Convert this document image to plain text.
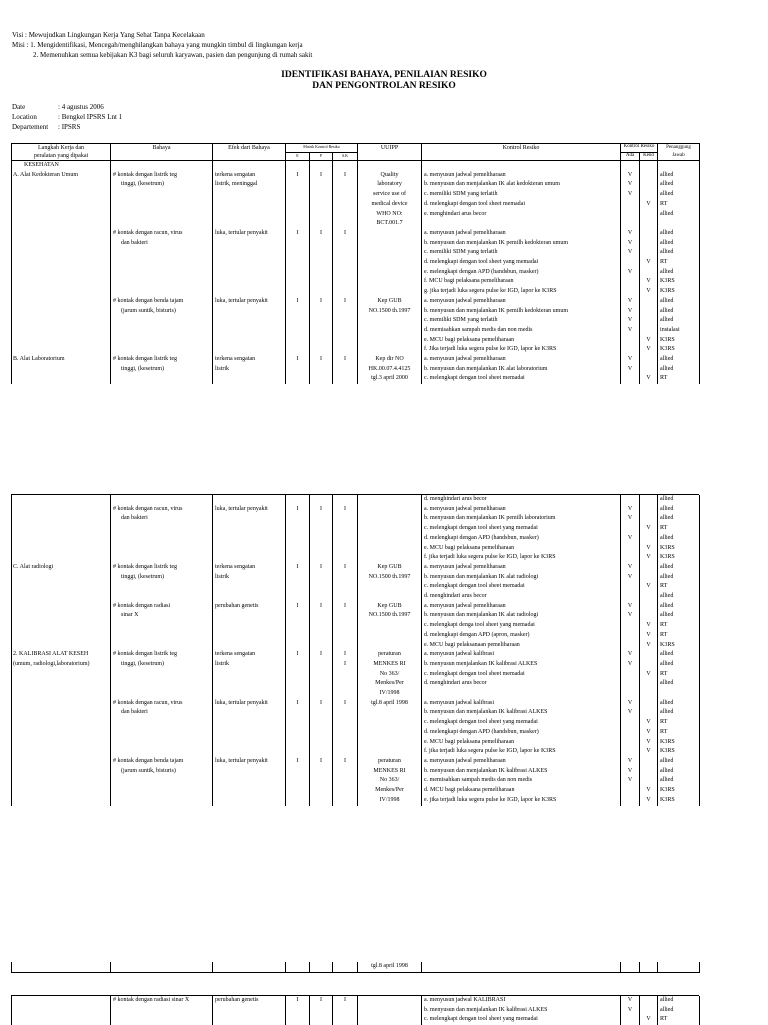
Visi : Mewujudkan Lingkungan Kerja Yang Sehat Tanpa Kecelakaan
Misi : 1. Mengidentifikasi, Mencegah/menghilangkan bahaya yang mungkin timbul di lingkungan kerja
2. Memenuhkan semua kebijakan K3 bagi seluruh karyawan, pasien dan pengunjung di rumah sakit
IDENTIFIKASI BAHAYA, PENILAIAN RESIKO
DAN PENGONTROLAN RESIKO
Date	: 4 agustus 2006
Location	: Bengkel IPSRS Lnt 1
Departement : IPSRS
Langkah Kerja dan
peralatan yang dipakai	Bahaya	Efek dari Bahaya	Matrik Kontrol Resiko			UUIPP	Kontrol Resiko	Kontrol Resiko		Penanggung
Jawab
			E	P	S.K			Ada	Kend	

KESEHATAN										
A. Alat Kedokteran Umum	# kontak dengan listrik teg	terkena sengatan	I	I	I	Quality	a. menyusun jadwal pemeliharaan	V		allied
	tinggi, (kesetrum)	listrik, meninggal				laboratory	b. menyusun dan menjalankan IK alat kedokteran umum	V		allied
						service use of	c. memiliki SDM yang terlatih	V		allied
						medical device	d. melengkapi dengan tool sheet memadai		V	RT
						WHO NO:	e. menghindari arus becor			allied
						BCT.001.7				
	# kontak dengan racun, virus	luka, tertular penyakit	I	I	I		a. menyusun jadwal pemeliharaan	V		allied
	dan bakteri						b. menyusun dan menjalankan IK pemilh kedokteran umum	V		allied
							c. memiliki SDM yang terlatih	V		allied
							d. melengkapi dengan tool sheet yang memadai		V	RT
							e. melengkapi dengan APD (handsbun, masker)	V		allied
							f. MCU bagi pelaksana pemeliharaan		V	K3RS
							g. jika terjadi luka segera pulse ke IGD, lapor ke K3RS		V	K3RS

	# kontak dengan benda tajam	luka, tertular penyakit	I	I	I	Kep GUB	a. menyusun jadwal pemeliharaan	V		allied
	(jarum suntik, bisturis)					NO.1500 th.1997	b. menyusun dan menjalankan IK pemilh kedokteran umum	V		allied
							c. memiliki SDM yang terlatih	V		allied
							d. memisahkan sampah medis dan non medis	V		instalasi
							e. MCU bagi pelaksana pemeliharaan		V	K3RS
							f. Jika terjadi luka segera pulse ke IGD, lapor ke K3RS		V	K3RS

B. Alat Laboratorium	# kontak dengan listrik teg	terkena sengatan	I	I	I	Kep dir NO	a. menyusun jadwal pemeliharaan	V		allied
	tinggi, (kesetrum)	listrik				HK.00.07.4.4125	b. menyusun dan menjalankan IK alat laboratorium	V		allied
						tgl.3 april 2000	c. melengkapi dengan tool sheet memadai		V	RT
							d. menghindari arus becor			allied

	# kontak dengan racun, virus	luka, tertular penyakit	I	I	I		a. menyusun jadwal pemeliharaan	V		allied
	dan bakteri						b. menyusun dan menjalankan IK pemilh laboratorium	V		allied
							c. melengkapi dengan tool sheet yang memadai		V	RT
							d. melengkapi dengan APD (handsbun, masker)	V		allied
							e. MCU bagi pelaksana pemeliharaan		V	K3RS
							f. jika terjadi luka segera pulse ke IGD, lapor ke K3RS		V	K3RS

C. Alat radiologi	# kontak dengan listrik teg	terkena sengatan	I	I	I	Kep GUB	a. menyusun jadwal pemeliharaan	V		allied
	tinggi, (kesetrum)	listrik				NO.1500 th.1997	b. menyusun dan menjalankan IK alat radiologi	V		allied
							c. melengkapi dengan tool sheet memadai		V	RT
							d. menghindari arus becor			allied

	# kontak dengan radiasi	perubahan genetis	I	I	I	Kep GUB	a. menyusun jadwal pemeliharaan	V		allied
	sinar X					NO.1500 th.1997	b. menyusun dan menjalankan IK alat radiologi	V		allied
							c. melengkapi denga tool sheet yang memadai		V	RT
							d. melengkapi dengan APD (apron, masker)		V	RT
							e. MCU bagi pelaksanaan pemeliharaan		V	K3RS

2. KALIBRASI ALAT KESEH	# kontak dengan listrik teg	terkena sengatan	I	I	I	peraturan	a. menyusun jadwal kalibrasi	V		allied
(umum, radiologi,laboratorium)	tinggi, (kesetrum)	listrik			I	MENKES RI	b. menyusun menjalankan IK kalibrasi ALKES	V		allied
						No 363/	c. melengkapi dengan tool sheet memadai		V	RT
						Menkes/Per	d. menghindari arus becor			allied
						IV/1998				
	# kontak dengan racun, virus	luka, tertular penyakit	I	I	I	tgl.8 april 1998	a. menyusun jadwal kalibrasi	V		allied
	dan bakteri						b. menyusun dan menjalankan IK kalibrasi ALKES	V		allied
							c. melengkapi dengan tool sheet yang memadai		V	RT
							d. melengkapi dengan APD (handsbun, masker)		V	RT
							e. MCU bagi pelaksana pemeliharaan		V	K3RS
							f. jika terjadi luka segera pulse ke IGD, lapor ke K3RS		V	K3RS

	# kontak dengan benda tajam	luka, tertular penyakit	I	I	I	peraturan	a. menyusun jadwal pemeliharaan	V		allied
	(jarum suntik, bisturis)					MENKES RI	b. menyusun dan menjalankan IK kalibrasi ALKES	V		allied
						No 363/	c. memisahkan sampah medis dan non medis	V		allied
						Menkes/Per	d. MCU bagi pelaksana pemeliharaan		V	K3RS

						IV/1998	e. jika terjadi luka segera pulse ke IGD, lapor ke K3RS		V	K3RS
						tgl.8 april 1998				
	# kontak dengan radiasi sinar X	perubahan genetis	I	I	I		a. menyusun jadwal KALIBRASI	V		allied
							b. menyusun dan menjalankan IK kalibrasi ALKES	V		allied
							c. melengkapi dengan tool sheet yang memadai		V	RT
